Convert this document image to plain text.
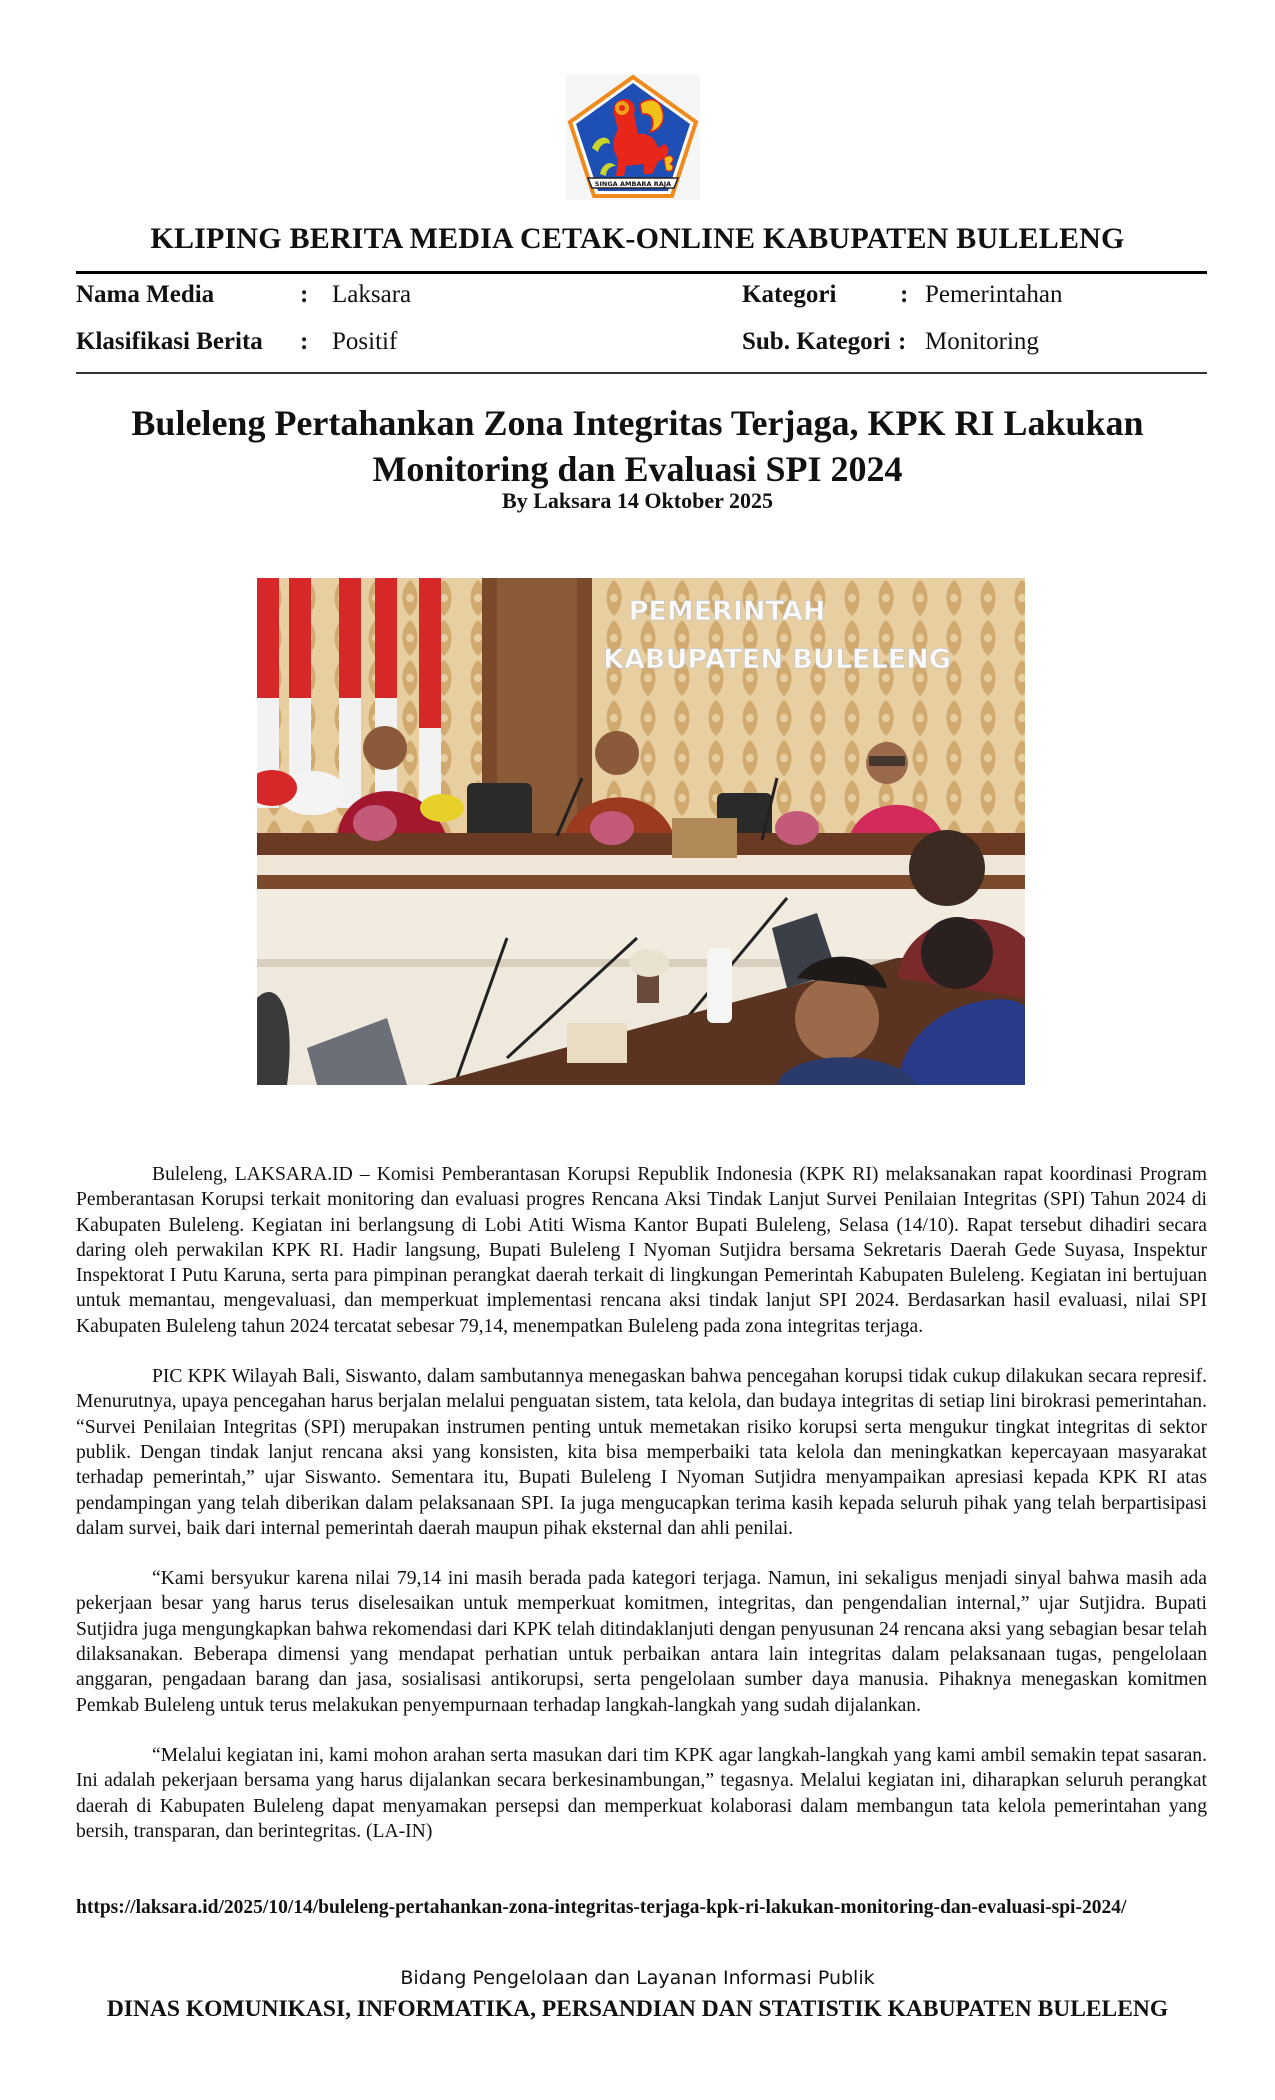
SINGA AMBARA RAJA
KLIPING BERITA MEDIA CETAK-ONLINE KABUPATEN BULELENG
Nama Media	: Laksara
Klasifikasi Berita : Positif
Kategori	: Pemerintahan
Sub. Kategori : Monitoring
Buleleng Pertahankan Zona Integritas Terjaga, KPK RI Lakukan
Monitoring dan Evaluasi SPI 2024
By Laksara 14 Oktober 2025
PEMERINTAH
KABUPATEN BULELENG

Buleleng, LAKSARA.ID – Komisi Pemberantasan Korupsi Republik Indonesia (KPK RI) melaksanakan rapat koordinasi Program Pemberantasan Korupsi terkait monitoring dan evaluasi progres Rencana Aksi Tindak Lanjut Survei Penilaian Integritas (SPI) Tahun 2024 di Kabupaten Buleleng. Kegiatan ini berlangsung di Lobi Atiti Wisma Kantor Bupati Buleleng, Selasa (14/10). Rapat tersebut dihadiri secara daring oleh perwakilan KPK RI. Hadir langsung, Bupati Buleleng I Nyoman Sutjidra bersama Sekretaris Daerah Gede Suyasa, Inspektur Inspektorat I Putu Karuna, serta para pimpinan perangkat daerah terkait di lingkungan Pemerintah Kabupaten Buleleng. Kegiatan ini bertujuan untuk memantau, mengevaluasi, dan memperkuat implementasi rencana aksi tindak lanjut SPI 2024. Berdasarkan hasil evaluasi, nilai SPI Kabupaten Buleleng tahun 2024 tercatat sebesar 79,14, menempatkan Buleleng pada zona integritas terjaga.

PIC KPK Wilayah Bali, Siswanto, dalam sambutannya menegaskan bahwa pencegahan korupsi tidak cukup dilakukan secara represif. Menurutnya, upaya pencegahan harus berjalan melalui penguatan sistem, tata kelola, dan budaya integritas di setiap lini birokrasi pemerintahan. “Survei Penilaian Integritas (SPI) merupakan instrumen penting untuk memetakan risiko korupsi serta mengukur tingkat integritas di sektor publik. Dengan tindak lanjut rencana aksi yang konsisten, kita bisa memperbaiki tata kelola dan meningkatkan kepercayaan masyarakat terhadap pemerintah,” ujar Siswanto. Sementara itu, Bupati Buleleng I Nyoman Sutjidra menyampaikan apresiasi kepada KPK RI atas pendampingan yang telah diberikan dalam pelaksanaan SPI. Ia juga mengucapkan terima kasih kepada seluruh pihak yang telah berpartisipasi dalam survei, baik dari internal pemerintah daerah maupun pihak eksternal dan ahli penilai.

“Kami bersyukur karena nilai 79,14 ini masih berada pada kategori terjaga. Namun, ini sekaligus menjadi sinyal bahwa masih ada pekerjaan besar yang harus terus diselesaikan untuk memperkuat komitmen, integritas, dan pengendalian internal,” ujar Sutjidra. Bupati Sutjidra juga mengungkapkan bahwa rekomendasi dari KPK telah ditindaklanjuti dengan penyusunan 24 rencana aksi yang sebagian besar telah dilaksanakan. Beberapa dimensi yang mendapat perhatian untuk perbaikan antara lain integritas dalam pelaksanaan tugas, pengelolaan anggaran, pengadaan barang dan jasa, sosialisasi antikorupsi, serta pengelolaan sumber daya manusia. Pihaknya menegaskan komitmen Pemkab Buleleng untuk terus melakukan penyempurnaan terhadap langkah-langkah yang sudah dijalankan.

“Melalui kegiatan ini, kami mohon arahan serta masukan dari tim KPK agar langkah-langkah yang kami ambil semakin tepat sasaran. Ini adalah pekerjaan bersama yang harus dijalankan secara berkesinambungan,” tegasnya. Melalui kegiatan ini, diharapkan seluruh perangkat daerah di Kabupaten Buleleng dapat menyamakan persepsi dan memperkuat kolaborasi dalam membangun tata kelola pemerintahan yang bersih, transparan, dan berintegritas. (LA-IN)

https://laksara.id/2025/10/14/buleleng-pertahankan-zona-integritas-terjaga-kpk-ri-lakukan-monitoring-dan-evaluasi-spi-2024/
Bidang Pengelolaan dan Layanan Informasi Publik
DINAS KOMUNIKASI, INFORMATIKA, PERSANDIAN DAN STATISTIK KABUPATEN BULELENG
